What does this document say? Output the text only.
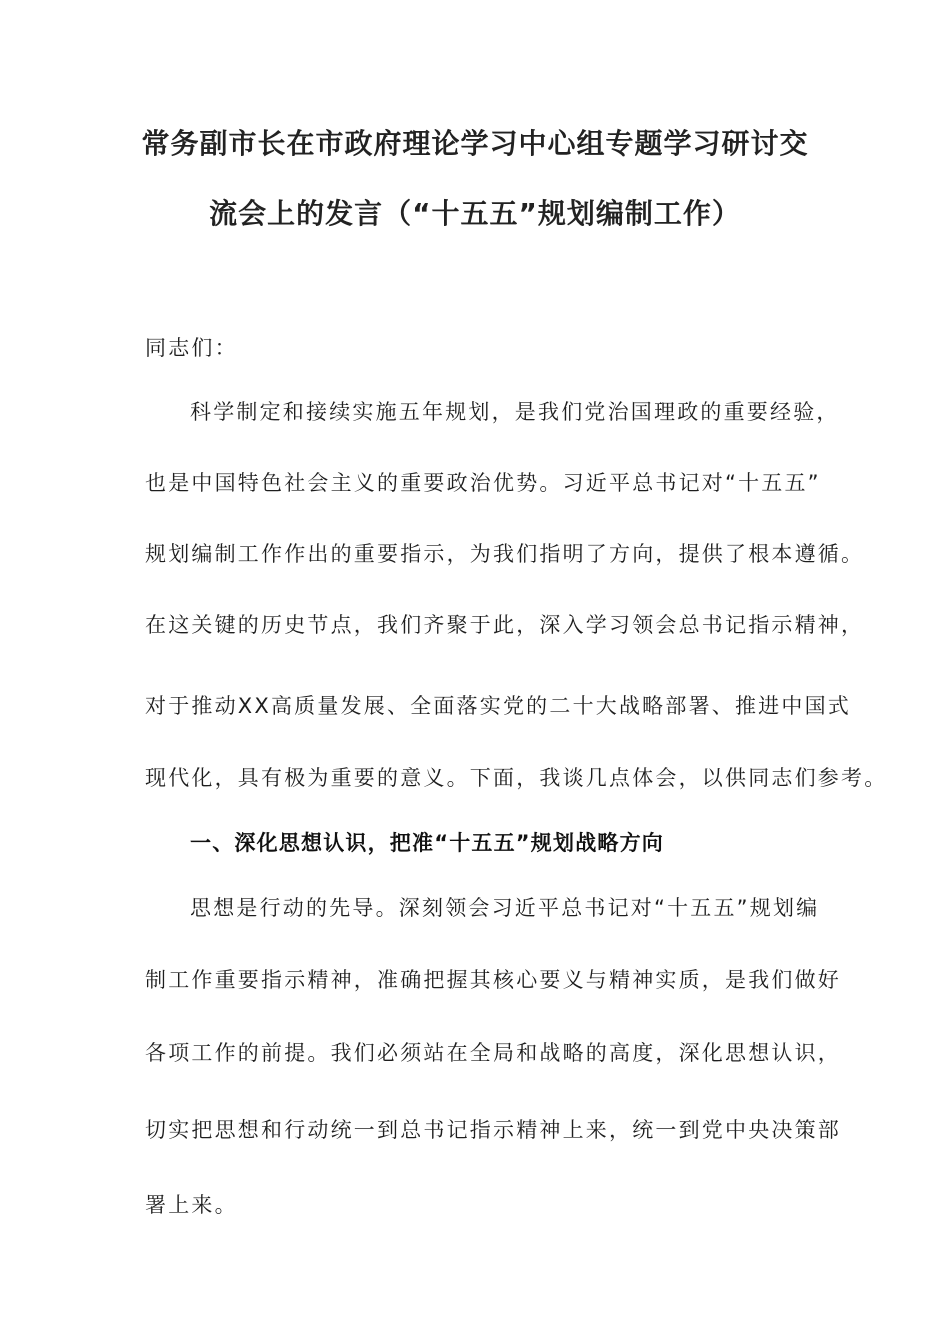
常务副市长在市政府理论学习中心组专题学习研讨交
流会上的发言（“十五五”规划编制工作）
同志们：
科学制定和接续实施五年规划，是我们党治国理政的重要经验，
也是中国特色社会主义的重要政治优势。习近平总书记对“十五五”
规划编制工作作出的重要指示，为我们指明了方向，提供了根本遵循。
在这关键的历史节点，我们齐聚于此，深入学习领会总书记指示精神，
对于推动XX高质量发展、全面落实党的二十大战略部署、推进中国式
现代化，具有极为重要的意义。下面，我谈几点体会，以供同志们参考。
一、深化思想认识，把准“十五五”规划战略方向
思想是行动的先导。深刻领会习近平总书记对“十五五”规划编
制工作重要指示精神，准确把握其核心要义与精神实质，是我们做好
各项工作的前提。我们必须站在全局和战略的高度，深化思想认识，
切实把思想和行动统一到总书记指示精神上来，统一到党中央决策部
署上来。
